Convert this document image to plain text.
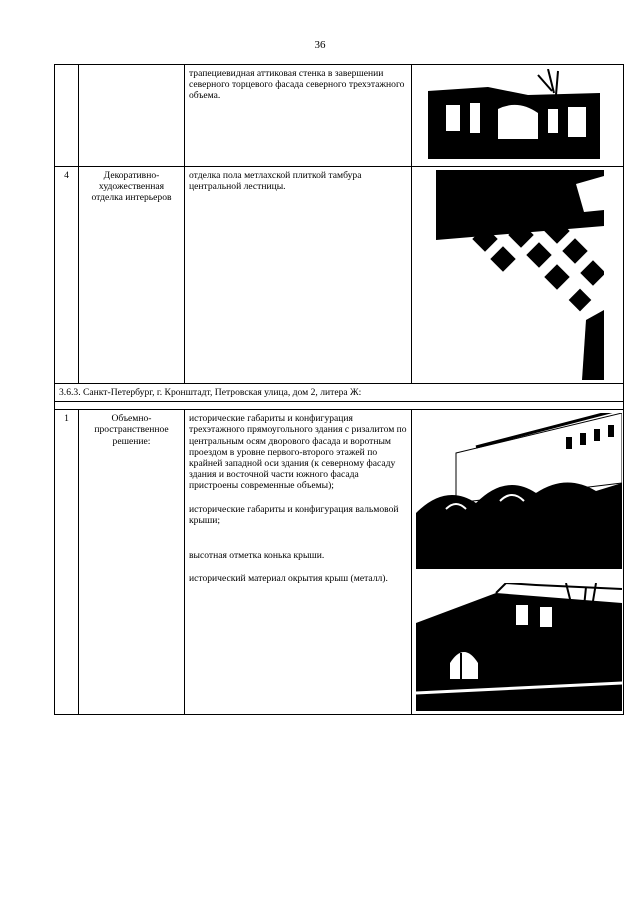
36

		трапециевидная аттиковая стенка в завершении северного торцевого фасада северного трехэтажного объема.

4	Декоративно-художественная отделка интерьеров	отделка пола метлахской плиткой тамбура центральной лестницы.

3.6.3. Санкт-Петербург, г. Кронштадт, Петровская улица, дом 2, литера Ж:			

1	Объемно-пространственное решение:	исторические габариты и конфигурация трехэтажного прямоугольного здания с ризалитом по центральным осям дворового фасада и воротным проездом в уровне первого-второго этажей по крайней западной оси здания (к северному фасаду здания и восточной части южного фасада пристроены современные объемы);

исторические габариты и конфигурация вальмовой крыши;

высотная отметка конька крыши.

исторический материал окрытия крыш (металл).
